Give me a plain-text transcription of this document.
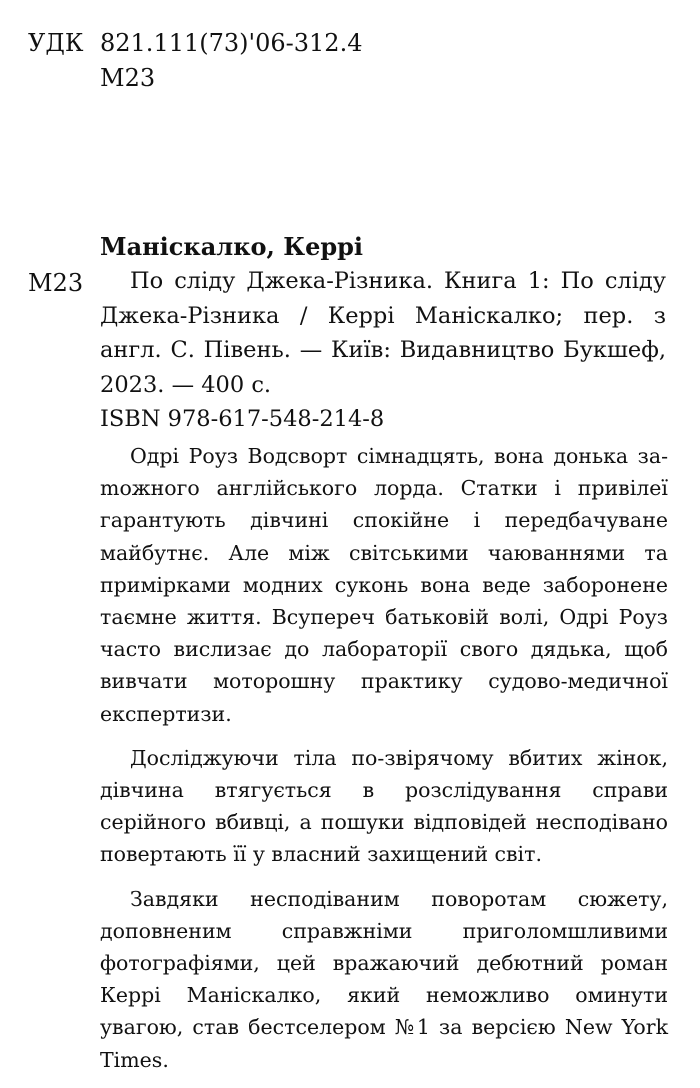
УДК 821.111(73)'06-312.4
М23
Маніскалко, Керрі
М23	По сліду Джека-Різника. Книга 1: По сліду Джека-Різника / Керрі Маніскалко; пер. з англ. С. Півень. — Київ: Видавництво Букшеф, 2023. — 400 с.
ISBN 978-617-548-214-8

Одрі Роуз Водсворт сімнадцять, вона донька заmожного англійського лорда. Статки і привілеї гарантують дівчині спокійне і передбачуване майбутнє. Але між світськими чаюваннями та примірками модних суконь вона веде заборонене таємне життя. Всупереч батьковій волі, Одрі Роуз часто вислизає до лабораторії свого дядька, щоб вивчати моторошну практику судово-медичної експертизи.

Досліджуючи тіла по-звірячому вбитих жінок, дівчина втягується в розслідування справи серійного вбивці, а пошуки відповідей несподівано повертають її у власний захищений світ.

Завдяки несподіваним поворотам сюжету, доповненим справжніми приголомшливими фотографіями, цей вражаючий дебютний роман Керрі Маніскалко, який неможливо оминути увагою, став бестселером №1 за версією New York Times.
